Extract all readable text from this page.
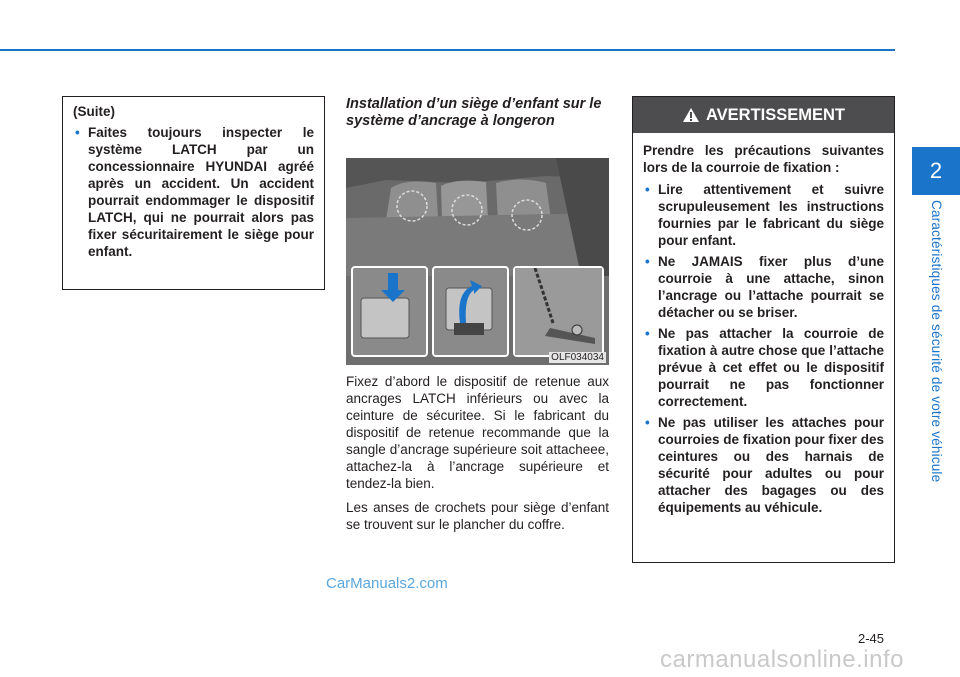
2
Caractéristiques de sécurité de votre véhicule
(Suite)
• Faites toujours inspecter le système LATCH par un concessionnaire HYUNDAI agréé après un accident. Un accident pourrait endommager le dispositif LATCH, qui ne pourrait alors pas fixer sécuritairement le siège pour enfant.
Installation d’un siège d’enfant sur le système d’ancrage à longeron
OLF034034

Fixez d’abord le dispositif de retenue aux ancrages LATCH inférieurs ou avec la ceinture de sécuritee. Si le fabricant du dispositif de retenue recommande que la sangle d’ancrage supérieure soit attacheee, attachez-la à l’ancrage supérieure et tendez-la bien.

Les anses de crochets pour siège d’enfant se trouvent sur le plancher du coffre.

AVERTISSEMENT
Prendre les précautions suivantes lors de la courroie de fixation :
• Lire attentivement et suivre scrupuleusement les instructions fournies par le fabricant du siège pour enfant.
• Ne JAMAIS fixer plus d’une courroie à une attache, sinon l’ancrage ou l’attache pourrait se détacher ou se briser.
• Ne pas attacher la courroie de fixation à autre chose que l’attache prévue à cet effet ou le dispositif pourrait ne pas fonctionner correctement.
• Ne pas utiliser les attaches pour courroies de fixation pour fixer des ceintures ou des harnais de sécurité pour adultes ou pour attacher des bagages ou des équipements au véhicule.
CarManuals2.com
2-45
carmanualsonline.info
